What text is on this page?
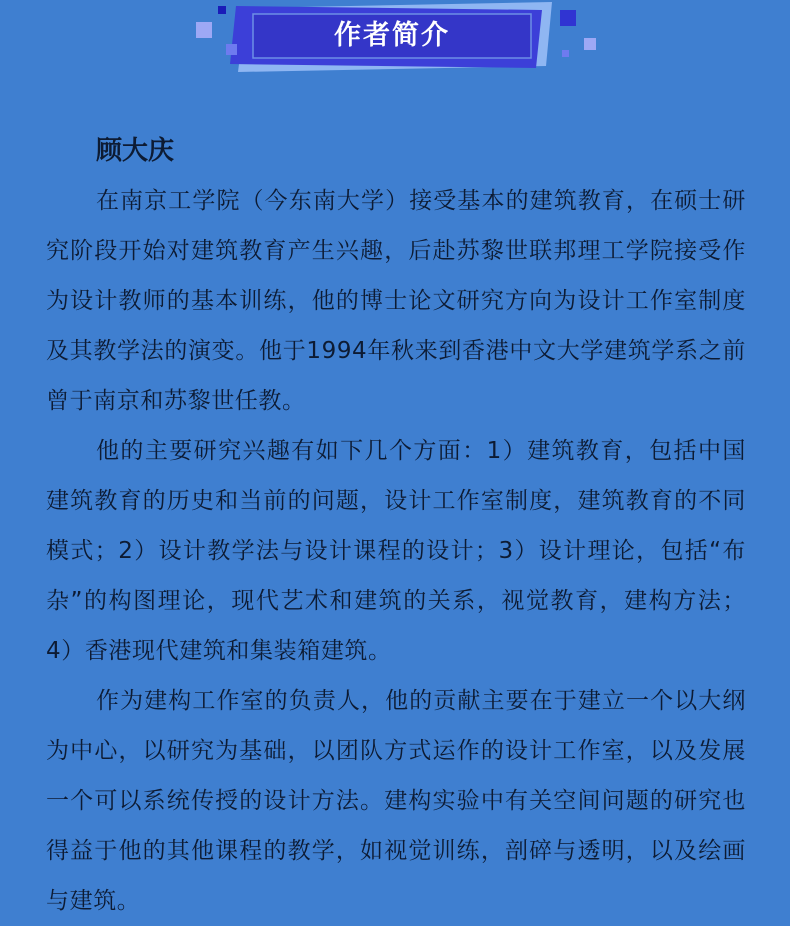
作者简介
顾大庆

在南京工学院（今东南大学）接受基本的建筑教育，在硕士研究阶段开始对建筑教育产生兴趣，后赴苏黎世联邦理工学院接受作为设计教师的基本训练，他的博士论文研究方向为设计工作室制度及其教学法的演变。他于1994年秋来到香港中文大学建筑学系之前曾于南京和苏黎世任教。

他的主要研究兴趣有如下几个方面：1）建筑教育，包括中国建筑教育的历史和当前的问题，设计工作室制度，建筑教育的不同模式；2）设计教学法与设计课程的设计；3）设计理论，包括“布杂”的构图理论，现代艺术和建筑的关系，视觉教育，建构方法；4）香港现代建筑和集装箱建筑。

作为建构工作室的负责人，他的贡献主要在于建立一个以大纲为中心，以研究为基础，以团队方式运作的设计工作室，以及发展一个可以系统传授的设计方法。建构实验中有关空间问题的研究也得益于他的其他课程的教学，如视觉训练，剖碎与透明，以及绘画与建筑。
